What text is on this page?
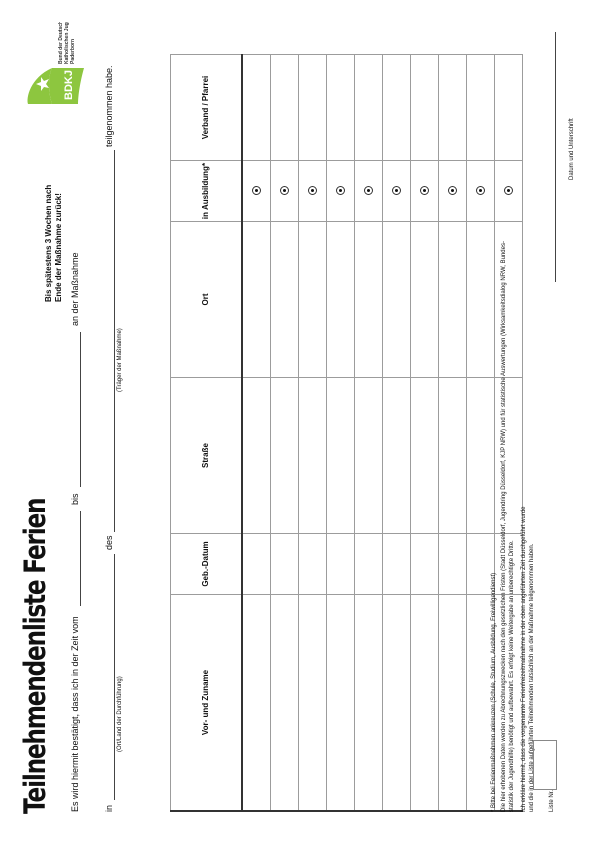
Teilnehmendenliste Ferien Es wird hiermit bestätigt, dass ich in der Zeit vom
bis
an der Maßnahme
in
des
teilgenommen habe.
(Ort/Land der Durchführung)
(Träger der Maßnahme)
Bis spätestens 3 Wochen nach Ende der Maßnahme zurück!
BDKJ
Bund der Deutschen Katholischen Jugend Paderborn
Vor- und Zuname	Geb.-Datum	Straße	Ort	in Ausbildung*	Verband / Pfarrei

* Bitte bei Ferienmaßnahmen ankreuzen (Schule, Studium, Ausbildung, Freiwilligendienst) Die hier erhobenen Daten werden zu Abrechnungszwecken nach den gesetzlichen Fristen (Stadt Düsseldorf, Jugendring Düsseldorf, KJP NRW) und für statistische Auswertungen (Wirksamkeitsdialog NRW, Bundes- statistik der Jugendhilfe) benötigt und aufbewahrt. Es erfolgt keine Weitergabe an unberechtigte Dritte. Ich erkläre hiermit, dass die vorgenannte Ferienfreizeitmaßnahme in der oben angeführten Zeit durchgeführt wurde und die in der Liste aufgeführten Teilnehmenden tatsächlich an der Maßnahme teilgenommen haben. Liste Nr.
Datum und Unterschrift
